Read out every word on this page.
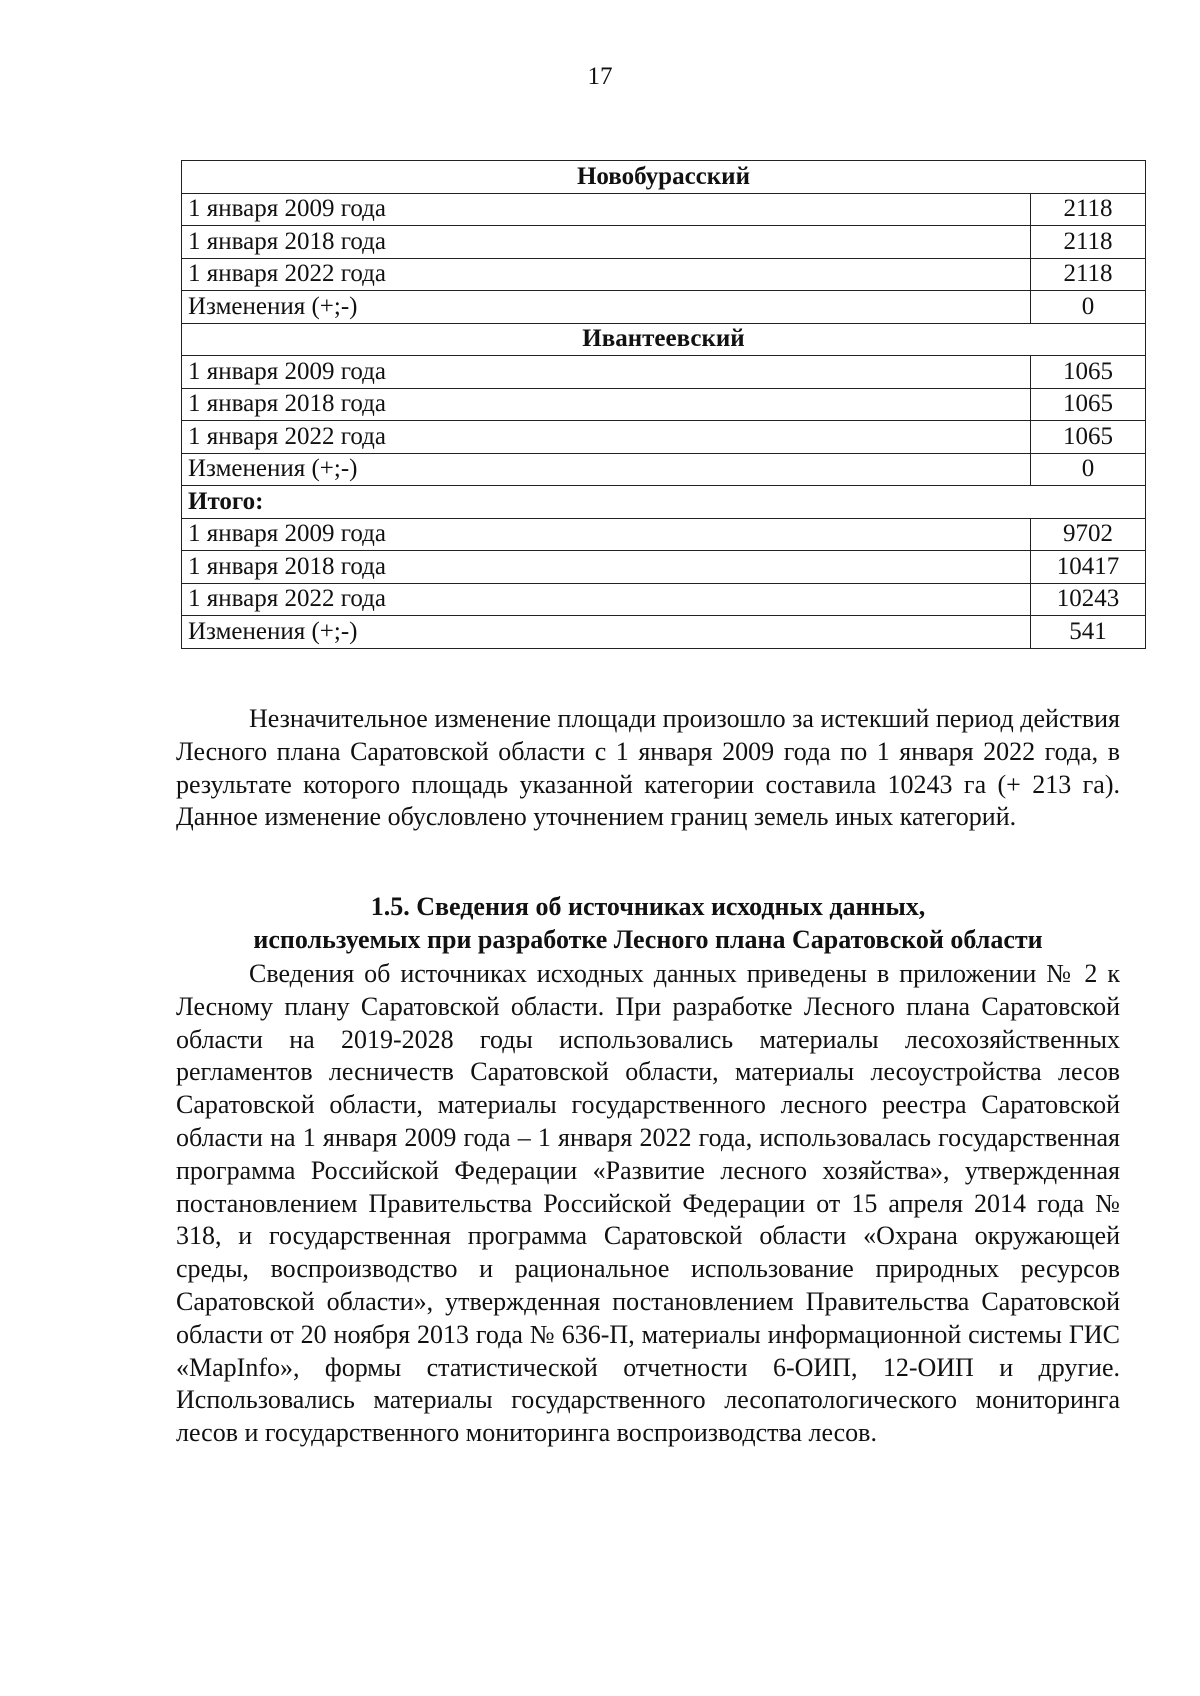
17
Новобурасский	
1 января 2009 года	2118
1 января 2018 года	2118
1 января 2022 года	2118
Изменения (+;-)	0
Ивантеевский	
1 января 2009 года	1065
1 января 2018 года	1065
1 января 2022 года	1065
Изменения (+;-)	0
Итого:	
1 января 2009 года	9702
1 января 2018 года	10417
1 января 2022 года	10243
Изменения (+;-)	541

Незначительное изменение площади произошло за истекший период действия Лесного плана Саратовской области с 1 января 2009 года по 1 января 2022 года, в результате которого площадь указанной категории составила 10243 га (+ 213 га). Данное изменение обусловлено уточнением границ земель иных категорий.

1.5. Сведения об источниках исходных данных,
используемых при разработке Лесного плана Саратовской области

Сведения об источниках исходных данных приведены в приложении № 2 к Лесному плану Саратовской области. При разработке Лесного плана Саратовской области на 2019-2028 годы использовались материалы лесохозяйственных регламентов лесничеств Саратовской области, материалы лесоустройства лесов Саратовской области, материалы государственного лесного реестра Саратовской области на 1 января 2009 года – 1 января 2022 года, использовалась государственная программа Российской Федерации «Развитие лесного хозяйства», утвержденная постановлением Правительства Российской Федерации от 15 апреля 2014 года № 318, и государственная программа Саратовской области «Охрана окружающей среды, воспроизводство и рациональное использование природных ресурсов Саратовской области», утвержденная постановлением Правительства Саратовской области от 20 ноября 2013 года № 636-П, материалы информационной системы ГИС «MapInfo», формы статистической отчетности 6-ОИП, 12-ОИП и другие. Использовались материалы государственного лесопатологического мониторинга лесов и государственного мониторинга воспроизводства лесов.
